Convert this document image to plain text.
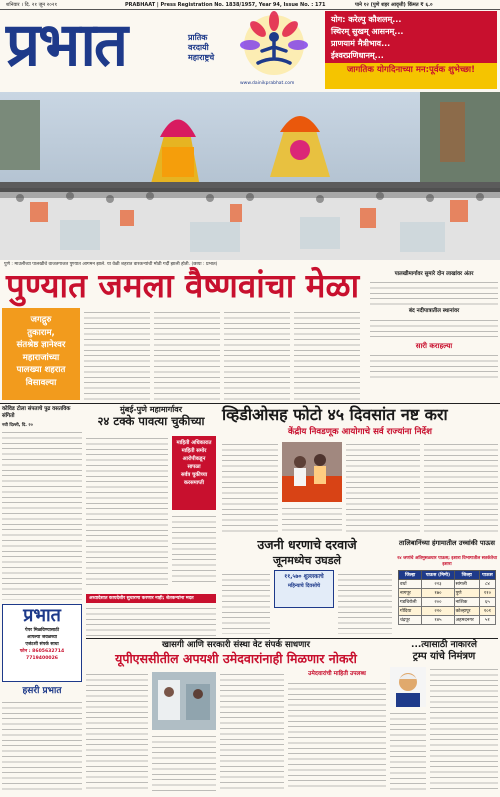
शनिवार । दि. २१ जून २०२१	PRABHAAT | Press Registration No. 1838/1957, Year 94, Issue No. : 171	पाने १२ (पुणे शहर आवृत्ती) किंमत ₹ ६.०
प्रभात	प्रातिक
वरदायी
महाराष्ट्रचे
www.dainikprabhat.com
योग: करेल्पु कौशलम्...
स्थिरम् सुखम् आसनम्...
प्राणयामं मैत्रीभाव...
ईश्वरप्रणिधानम्...
जागतिक योगदिनाच्या मन:पूर्वक शुभेच्छा!
पुणे : माउलीच्या पालखीचे वाजतगाजत पुण्यात आगमन झाले. या वेळी शहरात वारकऱ्यांची मोठी गर्दी झाली होती. (छाया : प्रभात)
पुण्यात जमला वैष्णवांचा मेळा
जगद्गुरु
तुकाराम,
संतश्रेष्ठ ज्ञानेश्वर
महाराजांच्या
पालख्या शहरात
विसावल्या
पालखीमार्गावर सुमारे दोन लाखांवर अंतर
बंद नदीपात्रातील स्थानांवर
सारी कराहल्या
कोविड टोला संपताचे पुढ वसतविक संगितो
नवी दिल्ली, दि. २०
मुंबई-पुणे महामार्गावर
२४ टक्के पावत्या चुकीच्या
माहिती अधिकारात
माहिती समोर
आरोपीकडून
सापळा
सर्वत्र चुकीच्या
करसमाप्ती
व्हिडीओसह फोटो ४५ दिवसांत नष्ट करा
केंद्रीय निवडणूक आयोगाचे सर्व राज्यांना निर्देश
उजनी धरणाचे दरवाजे
जूनमध्येच उघडले
११,५७० शुल्लकाचे
महिन्याचे दिवसोचे
अध्यादेशात कायदेशीर सुधारणा करणार नाही; शेतकऱ्यांना मदत
प्रभात
पेपर मिळविण्यासाठी
आपल्या जवळच्या
एजंटशी संपर्क साधा
फोन : 8605632714
7719400026
खासगी आणि सरकारी संस्था वेट संपर्क साधणार
यूपीएससीतील अपयशी उमेदवारांनाही मिळणार नोकरी
उमेदवारांची माहिती उपलब्ध
...त्यासाठी नाकारले
ट्रम्प यांचे निमंत्रण
हसरी प्रभात
तालिबानिंच्या हंगामातील उच्चांकी पाऊस
२४ जणांचे अतिमुसळधार पाऊस; इशारा विभागातील सतर्कतेचा इशारा
जिल्हा	पाऊस (मिमी)	जिल्हा	पाऊस
वर्धा	२२३	सांगली	८४
नागपूर	१७०	पुणे	११०
गडचिरोली	२००	नाशिक	६५
गोंदिया	२२०	कोल्हापूर	१०१
चंद्रपूर	१४५	अहमदनगर	५१
